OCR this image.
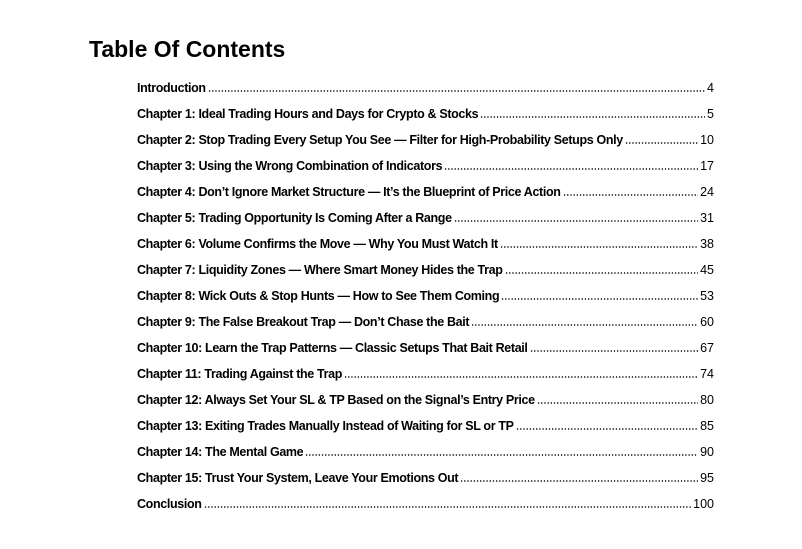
Table Of Contents
Introduction	4
Chapter 1: Ideal Trading Hours and Days for Crypto & Stocks	5
Chapter 2: Stop Trading Every Setup You See — Filter for High-Probability Setups Only	10
Chapter 3: Using the Wrong Combination of Indicators	17
Chapter 4: Don’t Ignore Market Structure — It’s the Blueprint of Price Action	24
Chapter 5: Trading Opportunity Is Coming After a Range	31
Chapter 6: Volume Confirms the Move — Why You Must Watch It	38
Chapter 7: Liquidity Zones — Where Smart Money Hides the Trap	45
Chapter 8: Wick Outs & Stop Hunts — How to See Them Coming	53
Chapter 9: The False Breakout Trap — Don’t Chase the Bait	60
Chapter 10: Learn the Trap Patterns — Classic Setups That Bait Retail	67
Chapter 11: Trading Against the Trap	74
Chapter 12: Always Set Your SL & TP Based on the Signal’s Entry Price	80
Chapter 13: Exiting Trades Manually Instead of Waiting for SL or TP	85
Chapter 14: The Mental Game	90
Chapter 15: Trust Your System, Leave Your Emotions Out	95
Conclusion	100
